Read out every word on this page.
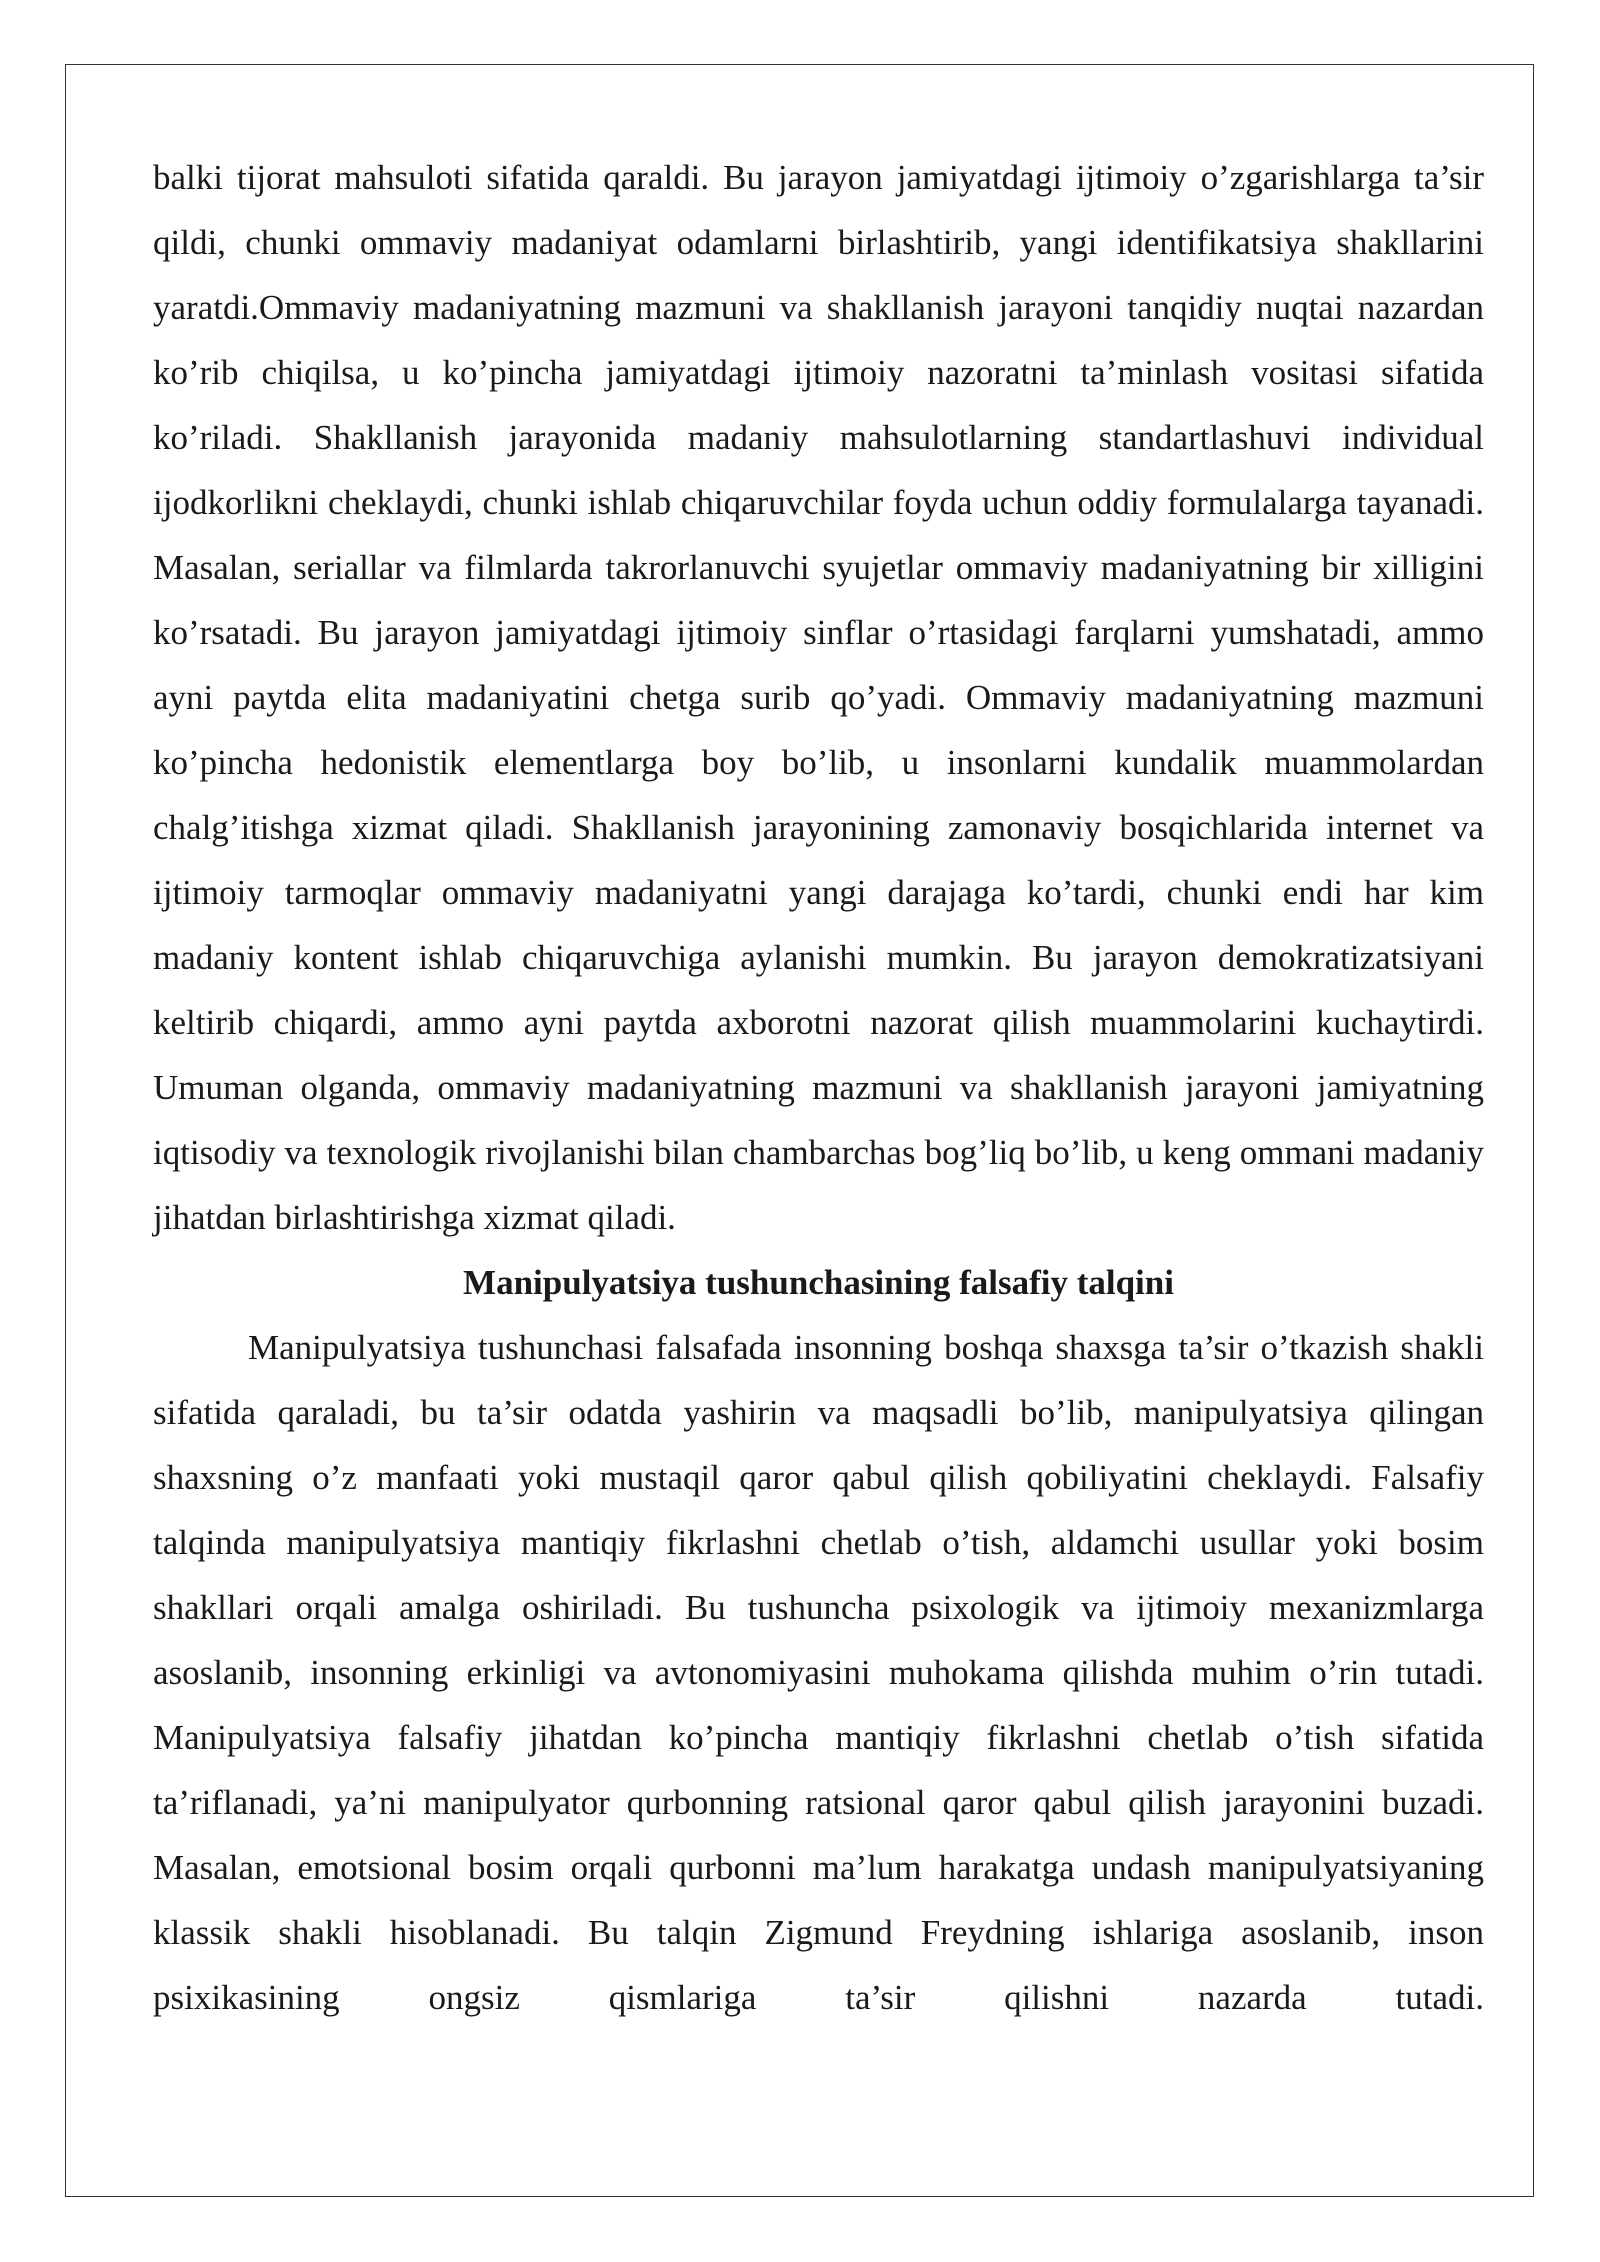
balki tijorat mahsuloti sifatida qaraldi. Bu jarayon jamiyatdagi ijtimoiy o’zgarishlarga ta’sir qildi, chunki ommaviy madaniyat odamlarni birlashtirib, yangi identifikatsiya shakllarini yaratdi.Ommaviy madaniyatning mazmuni va shakllanish jarayoni tanqidiy nuqtai nazardan ko’rib chiqilsa, u ko’pincha jamiyatdagi ijtimoiy nazoratni ta’minlash vositasi sifatida ko’riladi. Shakllanish jarayonida madaniy mahsulotlarning standartlashuvi individual ijodkorlikni cheklaydi, chunki ishlab chiqaruvchilar foyda uchun oddiy formulalarga tayanadi. Masalan, seriallar va filmlarda takrorlanuvchi syujetlar ommaviy madaniyatning bir xilligini ko’rsatadi. Bu jarayon jamiyatdagi ijtimoiy sinflar o’rtasidagi farqlarni yumshatadi, ammo ayni paytda elita madaniyatini chetga surib qo’yadi. Ommaviy madaniyatning mazmuni ko’pincha hedonistik elementlarga boy bo’lib, u insonlarni kundalik muammolardan chalg’itishga xizmat qiladi. Shakllanish jarayonining zamonaviy bosqichlarida internet va ijtimoiy tarmoqlar ommaviy madaniyatni yangi darajaga ko’tardi, chunki endi har kim madaniy kontent ishlab chiqaruvchiga aylanishi mumkin. Bu jarayon demokratizatsiyani keltirib chiqardi, ammo ayni paytda axborotni nazorat qilish muammolarini kuchaytirdi. Umuman olganda, ommaviy madaniyatning mazmuni va shakllanish jarayoni jamiyatning iqtisodiy va texnologik rivojlanishi bilan chambarchas bog’liq bo’lib, u keng ommani madaniy jihatdan birlashtirishga xizmat qiladi.

Manipulyatsiya tushunchasining falsafiy talqini

Manipulyatsiya tushunchasi falsafada insonning boshqa shaxsga ta’sir o’tkazish shakli sifatida qaraladi, bu ta’sir odatda yashirin va maqsadli bo’lib, manipulyatsiya qilingan shaxsning o’z manfaati yoki mustaqil qaror qabul qilish qobiliyatini cheklaydi. Falsafiy talqinda manipulyatsiya mantiqiy fikrlashni chetlab o’tish, aldamchi usullar yoki bosim shakllari orqali amalga oshiriladi. Bu tushuncha psixologik va ijtimoiy mexanizmlarga asoslanib, insonning erkinligi va avtonomiyasini muhokama qilishda muhim o’rin tutadi. Manipulyatsiya falsafiy jihatdan ko’pincha mantiqiy fikrlashni chetlab o’tish sifatida ta’riflanadi, ya’ni manipulyator qurbonning ratsional qaror qabul qilish jarayonini buzadi. Masalan, emotsional bosim orqali qurbonni ma’lum harakatga undash manipulyatsiyaning klassik shakli hisoblanadi. Bu talqin Zigmund Freydning ishlariga asoslanib, inson psixikasining ongsiz qismlariga ta’sir qilishni nazarda tutadi.
